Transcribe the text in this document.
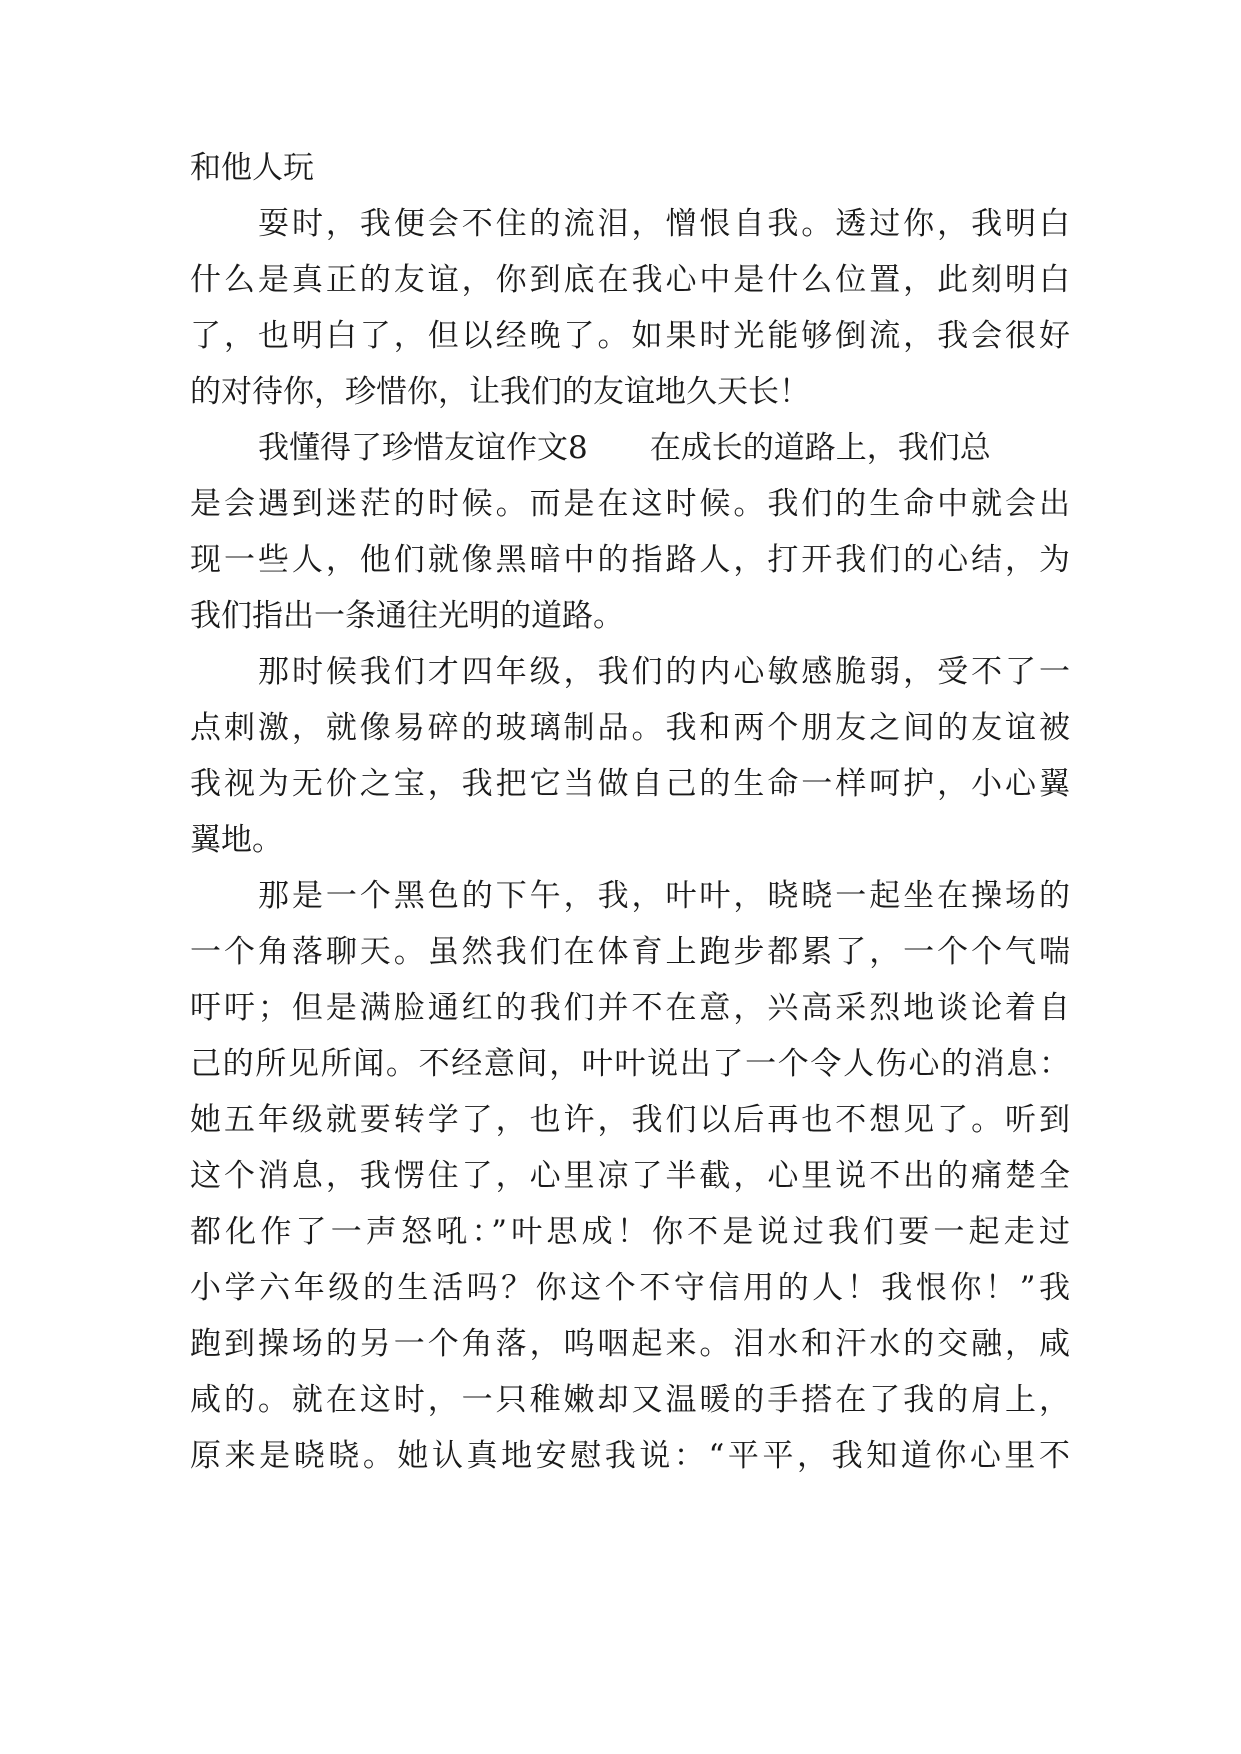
和他人玩
耍时，我便会不住的流泪，憎恨自我。透过你，我明白
什么是真正的友谊，你到底在我心中是什么位置，此刻明白
了，也明白了，但以经晚了。如果时光能够倒流，我会很好
的对待你，珍惜你，让我们的友谊地久天长！
我懂得了珍惜友谊作文8 在成长的道路上，我们总
是会遇到迷茫的时候。而是在这时候。我们的生命中就会出
现一些人，他们就像黑暗中的指路人，打开我们的心结，为
我们指出一条通往光明的道路。
那时候我们才四年级，我们的内心敏感脆弱，受不了一
点刺激，就像易碎的玻璃制品。我和两个朋友之间的友谊被
我视为无价之宝，我把它当做自己的生命一样呵护，小心翼
翼地。
那是一个黑色的下午，我，叶叶，晓晓一起坐在操场的
一个角落聊天。虽然我们在体育上跑步都累了，一个个气喘
吁吁；但是满脸通红的我们并不在意，兴高采烈地谈论着自
己的所见所闻。不经意间，叶叶说出了一个令人伤心的消息：
她五年级就要转学了，也许，我们以后再也不想见了。听到
这个消息，我愣住了，心里凉了半截，心里说不出的痛楚全
都化作了一声怒吼：”叶思成！你不是说过我们要一起走过
小学六年级的生活吗？你这个不守信用的人！我恨你！”我
跑到操场的另一个角落，呜咽起来。泪水和汗水的交融，咸
咸的。就在这时，一只稚嫩却又温暖的手搭在了我的肩上，
原来是晓晓。她认真地安慰我说：“平平，我知道你心里不
